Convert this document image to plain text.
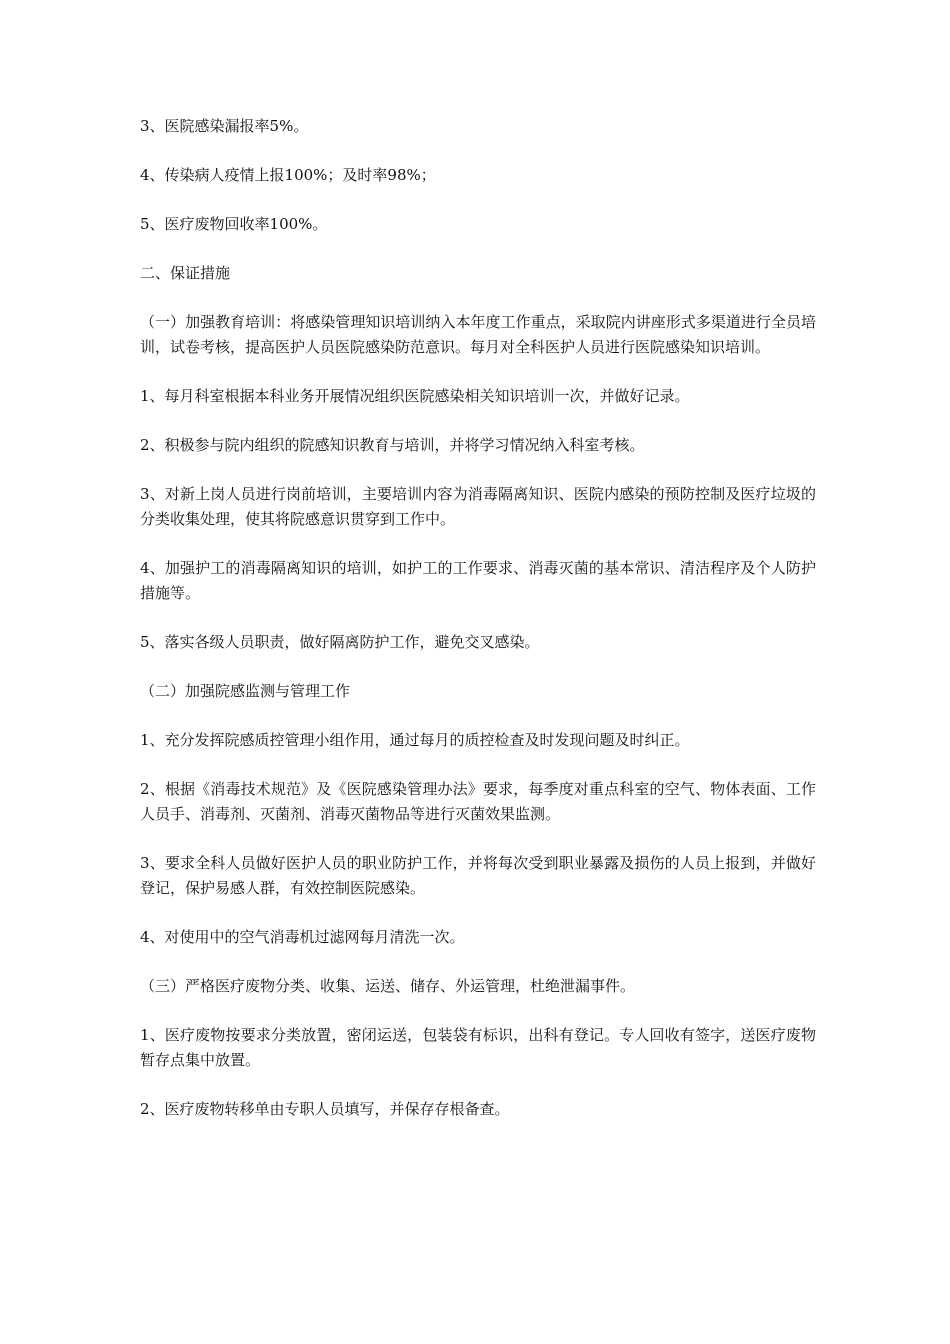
3、医院感染漏报率5%。

4、传染病人疫情上报100%；及时率98%；

5、医疗废物回收率100%。

二、保证措施

（一）加强教育培训：将感染管理知识培训纳入本年度工作重点，采取院内讲座形式多渠道进行全员培训，试卷考核，提高医护人员医院感染防范意识。每月对全科医护人员进行医院感染知识培训。

1、每月科室根据本科业务开展情况组织医院感染相关知识培训一次，并做好记录。

2、积极参与院内组织的院感知识教育与培训，并将学习情况纳入科室考核。

3、对新上岗人员进行岗前培训，主要培训内容为消毒隔离知识、医院内感染的预防控制及医疗垃圾的分类收集处理，使其将院感意识贯穿到工作中。

4、加强护工的消毒隔离知识的培训，如护工的工作要求、消毒灭菌的基本常识、清洁程序及个人防护措施等。

5、落实各级人员职责，做好隔离防护工作，避免交叉感染。

（二）加强院感监测与管理工作

1、充分发挥院感质控管理小组作用，通过每月的质控检查及时发现问题及时纠正。

2、根据《消毒技术规范》及《医院感染管理办法》要求，每季度对重点科室的空气、物体表面、工作人员手、消毒剂、灭菌剂、消毒灭菌物品等进行灭菌效果监测。

3、要求全科人员做好医护人员的职业防护工作，并将每次受到职业暴露及损伤的人员上报到，并做好登记，保护易感人群，有效控制医院感染。

4、对使用中的空气消毒机过滤网每月清洗一次。

（三）严格医疗废物分类、收集、运送、储存、外运管理，杜绝泄漏事件。

1、医疗废物按要求分类放置，密闭运送，包装袋有标识，出科有登记。专人回收有签字，送医疗废物暂存点集中放置。

2、医疗废物转移单由专职人员填写，并保存存根备查。
